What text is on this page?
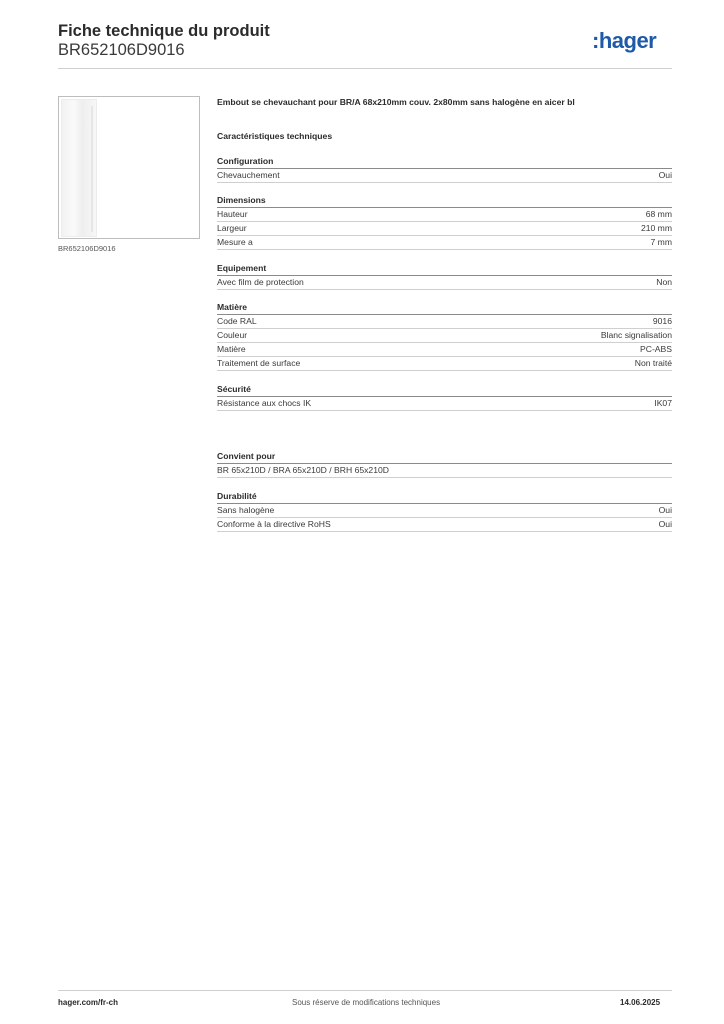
Fiche technique du produit
BR652106D9016	:hager
BR652106D9016
Embout se chevauchant pour BR/A 68x210mm couv. 2x80mm sans halogène en aicer bl
Caractéristiques techniques
Configuration
Chevauchement	Oui
Dimensions
Hauteur	68 mm
Largeur	210 mm
Mesure a	7 mm
Equipement
Avec film de protection	Non
Matière
Code RAL	9016
Couleur	Blanc signalisation
Matière	PC-ABS
Traitement de surface	Non traité
Sécurité
Résistance aux chocs IK	IK07
Convient pour
BR 65x210D / BRA 65x210D / BRH 65x210D
Durabilité
Sans halogène	Oui
Conforme à la directive RoHS	Oui
hager.com/fr-ch	Sous réserve de modifications techniques	14.06.2025
